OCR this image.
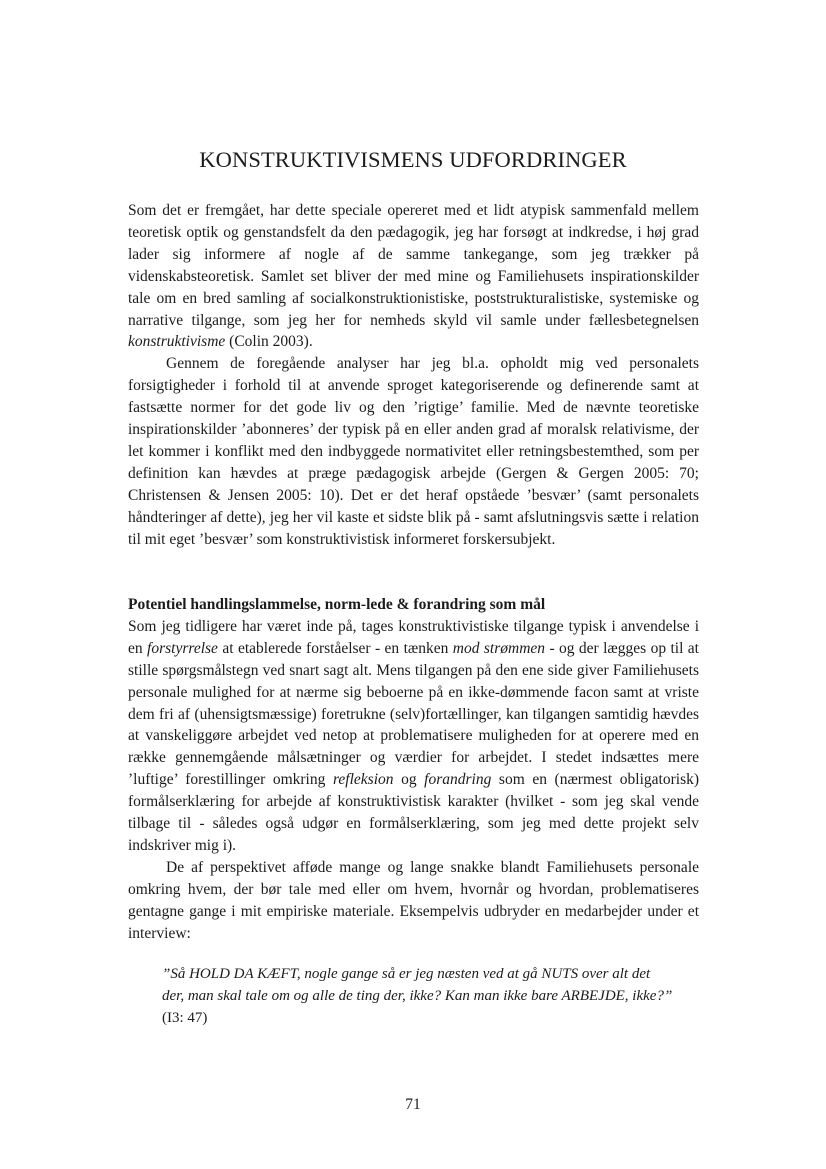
KONSTRUKTIVISMENS UDFORDRINGER

Som det er fremgået, har dette speciale opereret med et lidt atypisk sammenfald mellem teoretisk optik og genstandsfelt da den pædagogik, jeg har forsøgt at indkredse, i høj grad lader sig informere af nogle af de samme tankegange, som jeg trækker på videnskabsteoretisk. Samlet set bliver der med mine og Familiehusets inspirationskilder tale om en bred samling af socialkonstruktionistiske, poststrukturalistiske, systemiske og narrative tilgange, som jeg her for nemheds skyld vil samle under fællesbetegnelsen konstruktivisme (Colin 2003).

Gennem de foregående analyser har jeg bl.a. opholdt mig ved personalets forsigtigheder i forhold til at anvende sproget kategoriserende og definerende samt at fastsætte normer for det gode liv og den ’rigtige’ familie. Med de nævnte teoretiske inspirationskilder ’abonneres’ der typisk på en eller anden grad af moralsk relativisme, der let kommer i konflikt med den indbyggede normativitet eller retningsbestemthed, som per definition kan hævdes at præge pædagogisk arbejde (Gergen & Gergen 2005: 70; Christensen & Jensen 2005: 10). Det er det heraf opståede ’besvær’ (samt personalets håndteringer af dette), jeg her vil kaste et sidste blik på - samt afslutningsvis sætte i relation til mit eget ’besvær’ som konstruktivistisk informeret forskersubjekt.

Potentiel handlingslammelse, norm-lede & forandring som mål

Som jeg tidligere har været inde på, tages konstruktivistiske tilgange typisk i anvendelse i en forstyrrelse at etablerede forståelser - en tænken mod strømmen - og der lægges op til at stille spørgsmålstegn ved snart sagt alt. Mens tilgangen på den ene side giver Familiehusets personale mulighed for at nærme sig beboerne på en ikke-dømmende facon samt at vriste dem fri af (uhensigtsmæssige) foretrukne (selv)fortællinger, kan tilgangen samtidig hævdes at vanskeliggøre arbejdet ved netop at problematisere muligheden for at operere med en række gennemgående målsætninger og værdier for arbejdet. I stedet indsættes mere ’luftige’ forestillinger omkring refleksion og forandring som en (nærmest obligatorisk) formålserklæring for arbejde af konstruktivistisk karakter (hvilket - som jeg skal vende tilbage til - således også udgør en formålserklæring, som jeg med dette projekt selv indskriver mig i).

De af perspektivet afføde mange og lange snakke blandt Familiehusets personale omkring hvem, der bør tale med eller om hvem, hvornår og hvordan, problematiseres gentagne gange i mit empiriske materiale. Eksempelvis udbryder en medarbejder under et interview:

”Så HOLD DA KÆFT, nogle gange så er jeg næsten ved at gå NUTS over alt det der, man skal tale om og alle de ting der, ikke? Kan man ikke bare ARBEJDE, ikke?” (I3: 47)

71
